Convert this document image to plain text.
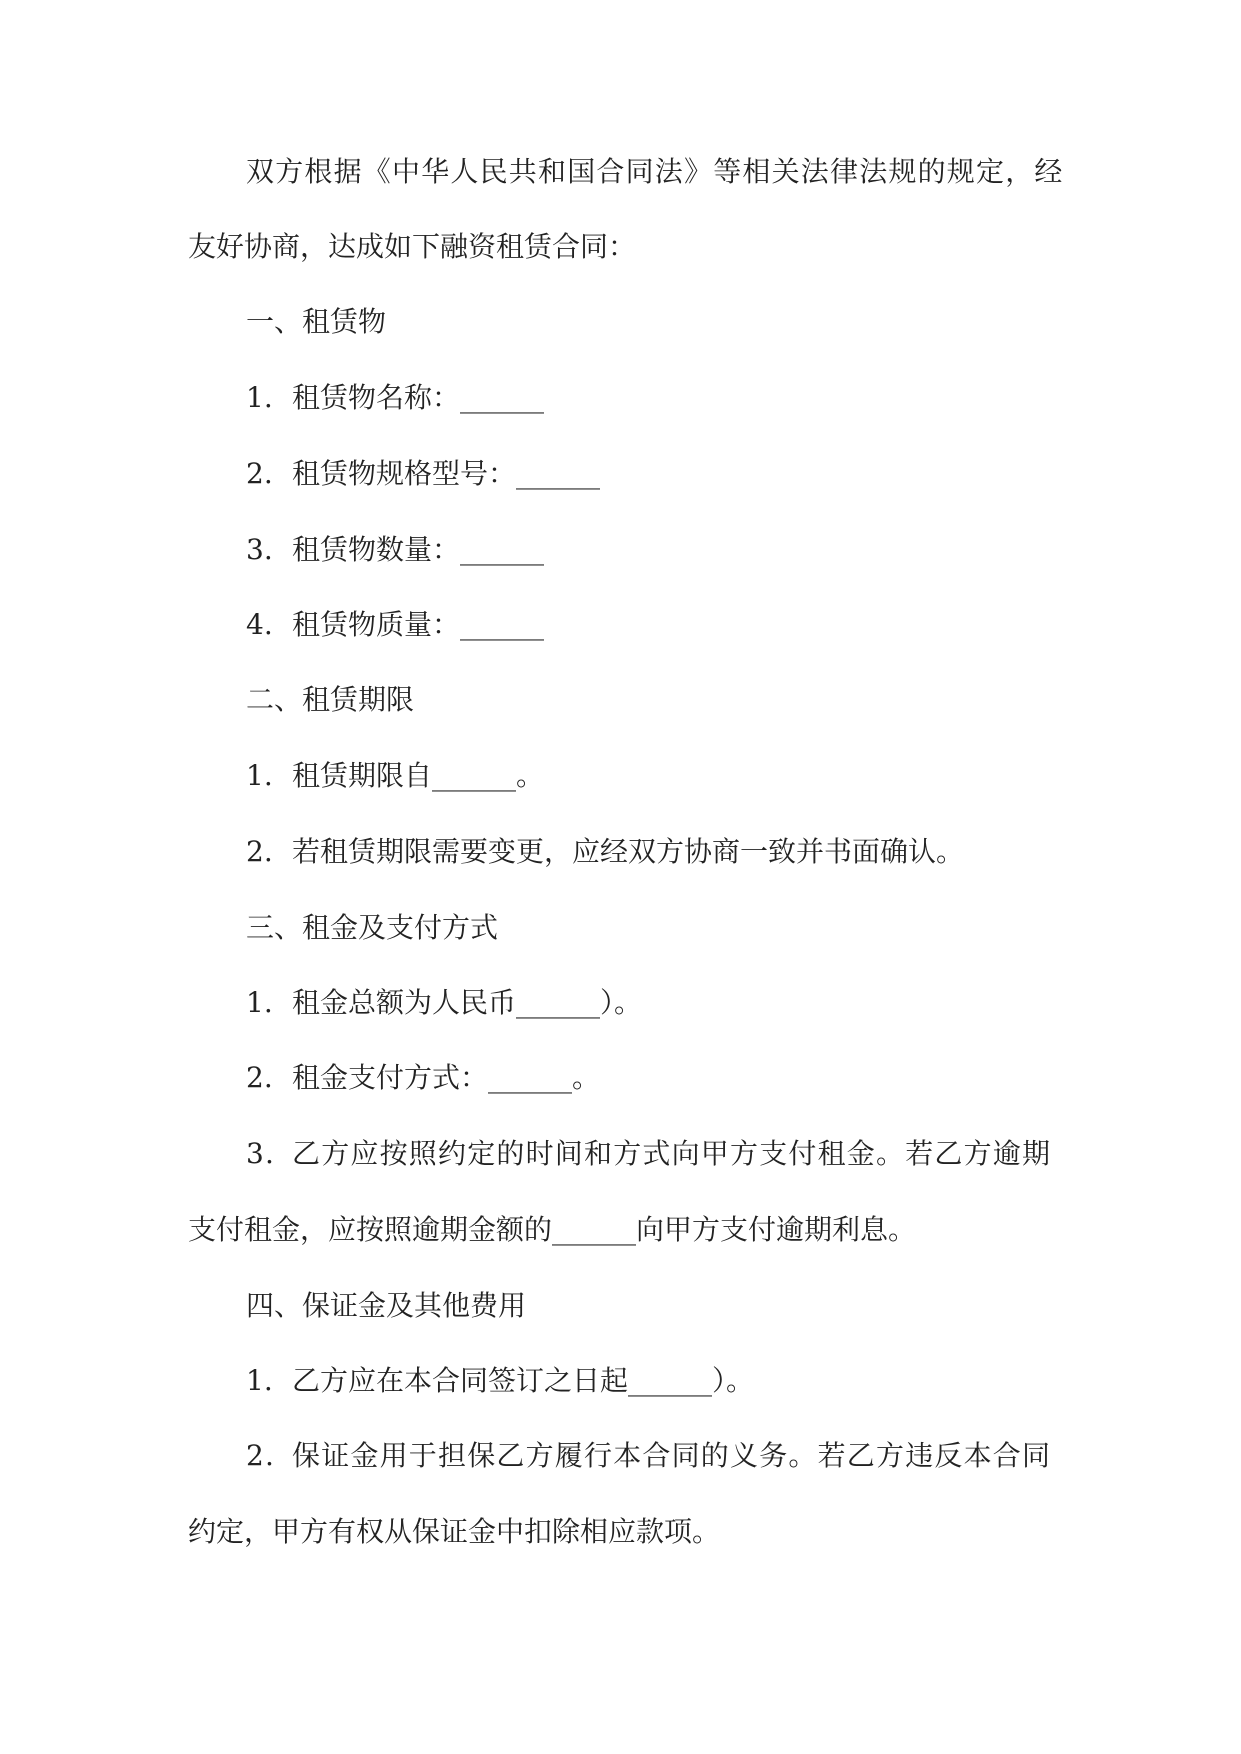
双方根据《中华人民共和国合同法》等相关法律法规的规定，经
友好协商，达成如下融资租赁合同：
一、租赁物
1. 租赁物名称：______
2. 租赁物规格型号：______
3. 租赁物数量：______
4. 租赁物质量：______
二、租赁期限
1. 租赁期限自______。
2. 若租赁期限需要变更，应经双方协商一致并书面确认。
三、租金及支付方式
1. 租金总额为人民币______）。
2. 租金支付方式：______。
3. 乙方应按照约定的时间和方式向甲方支付租金。若乙方逾期
支付租金，应按照逾期金额的______向甲方支付逾期利息。
四、保证金及其他费用
1. 乙方应在本合同签订之日起______）。
2. 保证金用于担保乙方履行本合同的义务。若乙方违反本合同
约定，甲方有权从保证金中扣除相应款项。
